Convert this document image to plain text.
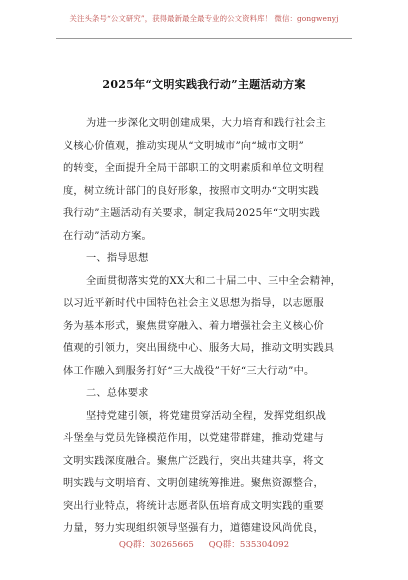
关注头条号“公文研究”，获得最新最全最专业的公文资料库！ 微信：gongwenyj
2025年“文明实践我行动”主题活动方案
为进一步深化文明创建成果，大力培育和践行社会主
义核心价值观，推动实现从“文明城市”向“城市文明”
的转变，全面提升全局干部职工的文明素质和单位文明程
度，树立统计部门的良好形象，按照市文明办“文明实践
我行动”主题活动有关要求，制定我局2025年“文明实践
在行动”活动方案。
一、指导思想
全面贯彻落实党的XX大和二十届二中、三中全会精神，
以习近平新时代中国特色社会主义思想为指导，以志愿服
务为基本形式，聚焦贯穿融入、着力增强社会主义核心价
值观的引领力，突出围绕中心、服务大局，推动文明实践具
体工作融入到服务打好“三大战役”干好“三大行动”中。
二、总体要求
坚持党建引领，将党建贯穿活动全程，发挥党组织战
斗堡垒与党员先锋模范作用，以党建带群建，推动党建与
文明实践深度融合。聚焦广泛践行，突出共建共享，将文
明实践与文明培育、文明创建统筹推进。聚焦资源整合，
突出行业特点，将统计志愿者队伍培育成文明实践的重要
力量，努力实现组织领导坚强有力，道德建设风尚优良，
QQ群：30265665 QQ群：535304092
